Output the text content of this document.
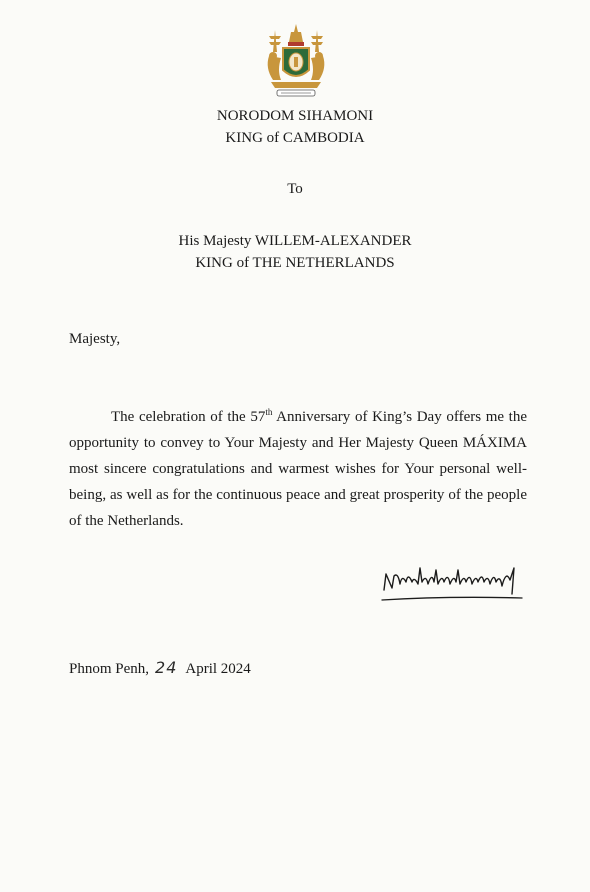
NORODOM SIHAMONI
KING of CAMBODIA
To
His Majesty WILLEM-ALEXANDER
KING of THE NETHERLANDS
Majesty,
The celebration of the 57th Anniversary of King’s Day offers me the opportunity to convey to Your Majesty and Her Majesty Queen MÁXIMA most sincere congratulations and warmest wishes for Your personal well-being, as well as for the continuous peace and great prosperity of the people of the Netherlands.
Phnom Penh, 24 April 2024
